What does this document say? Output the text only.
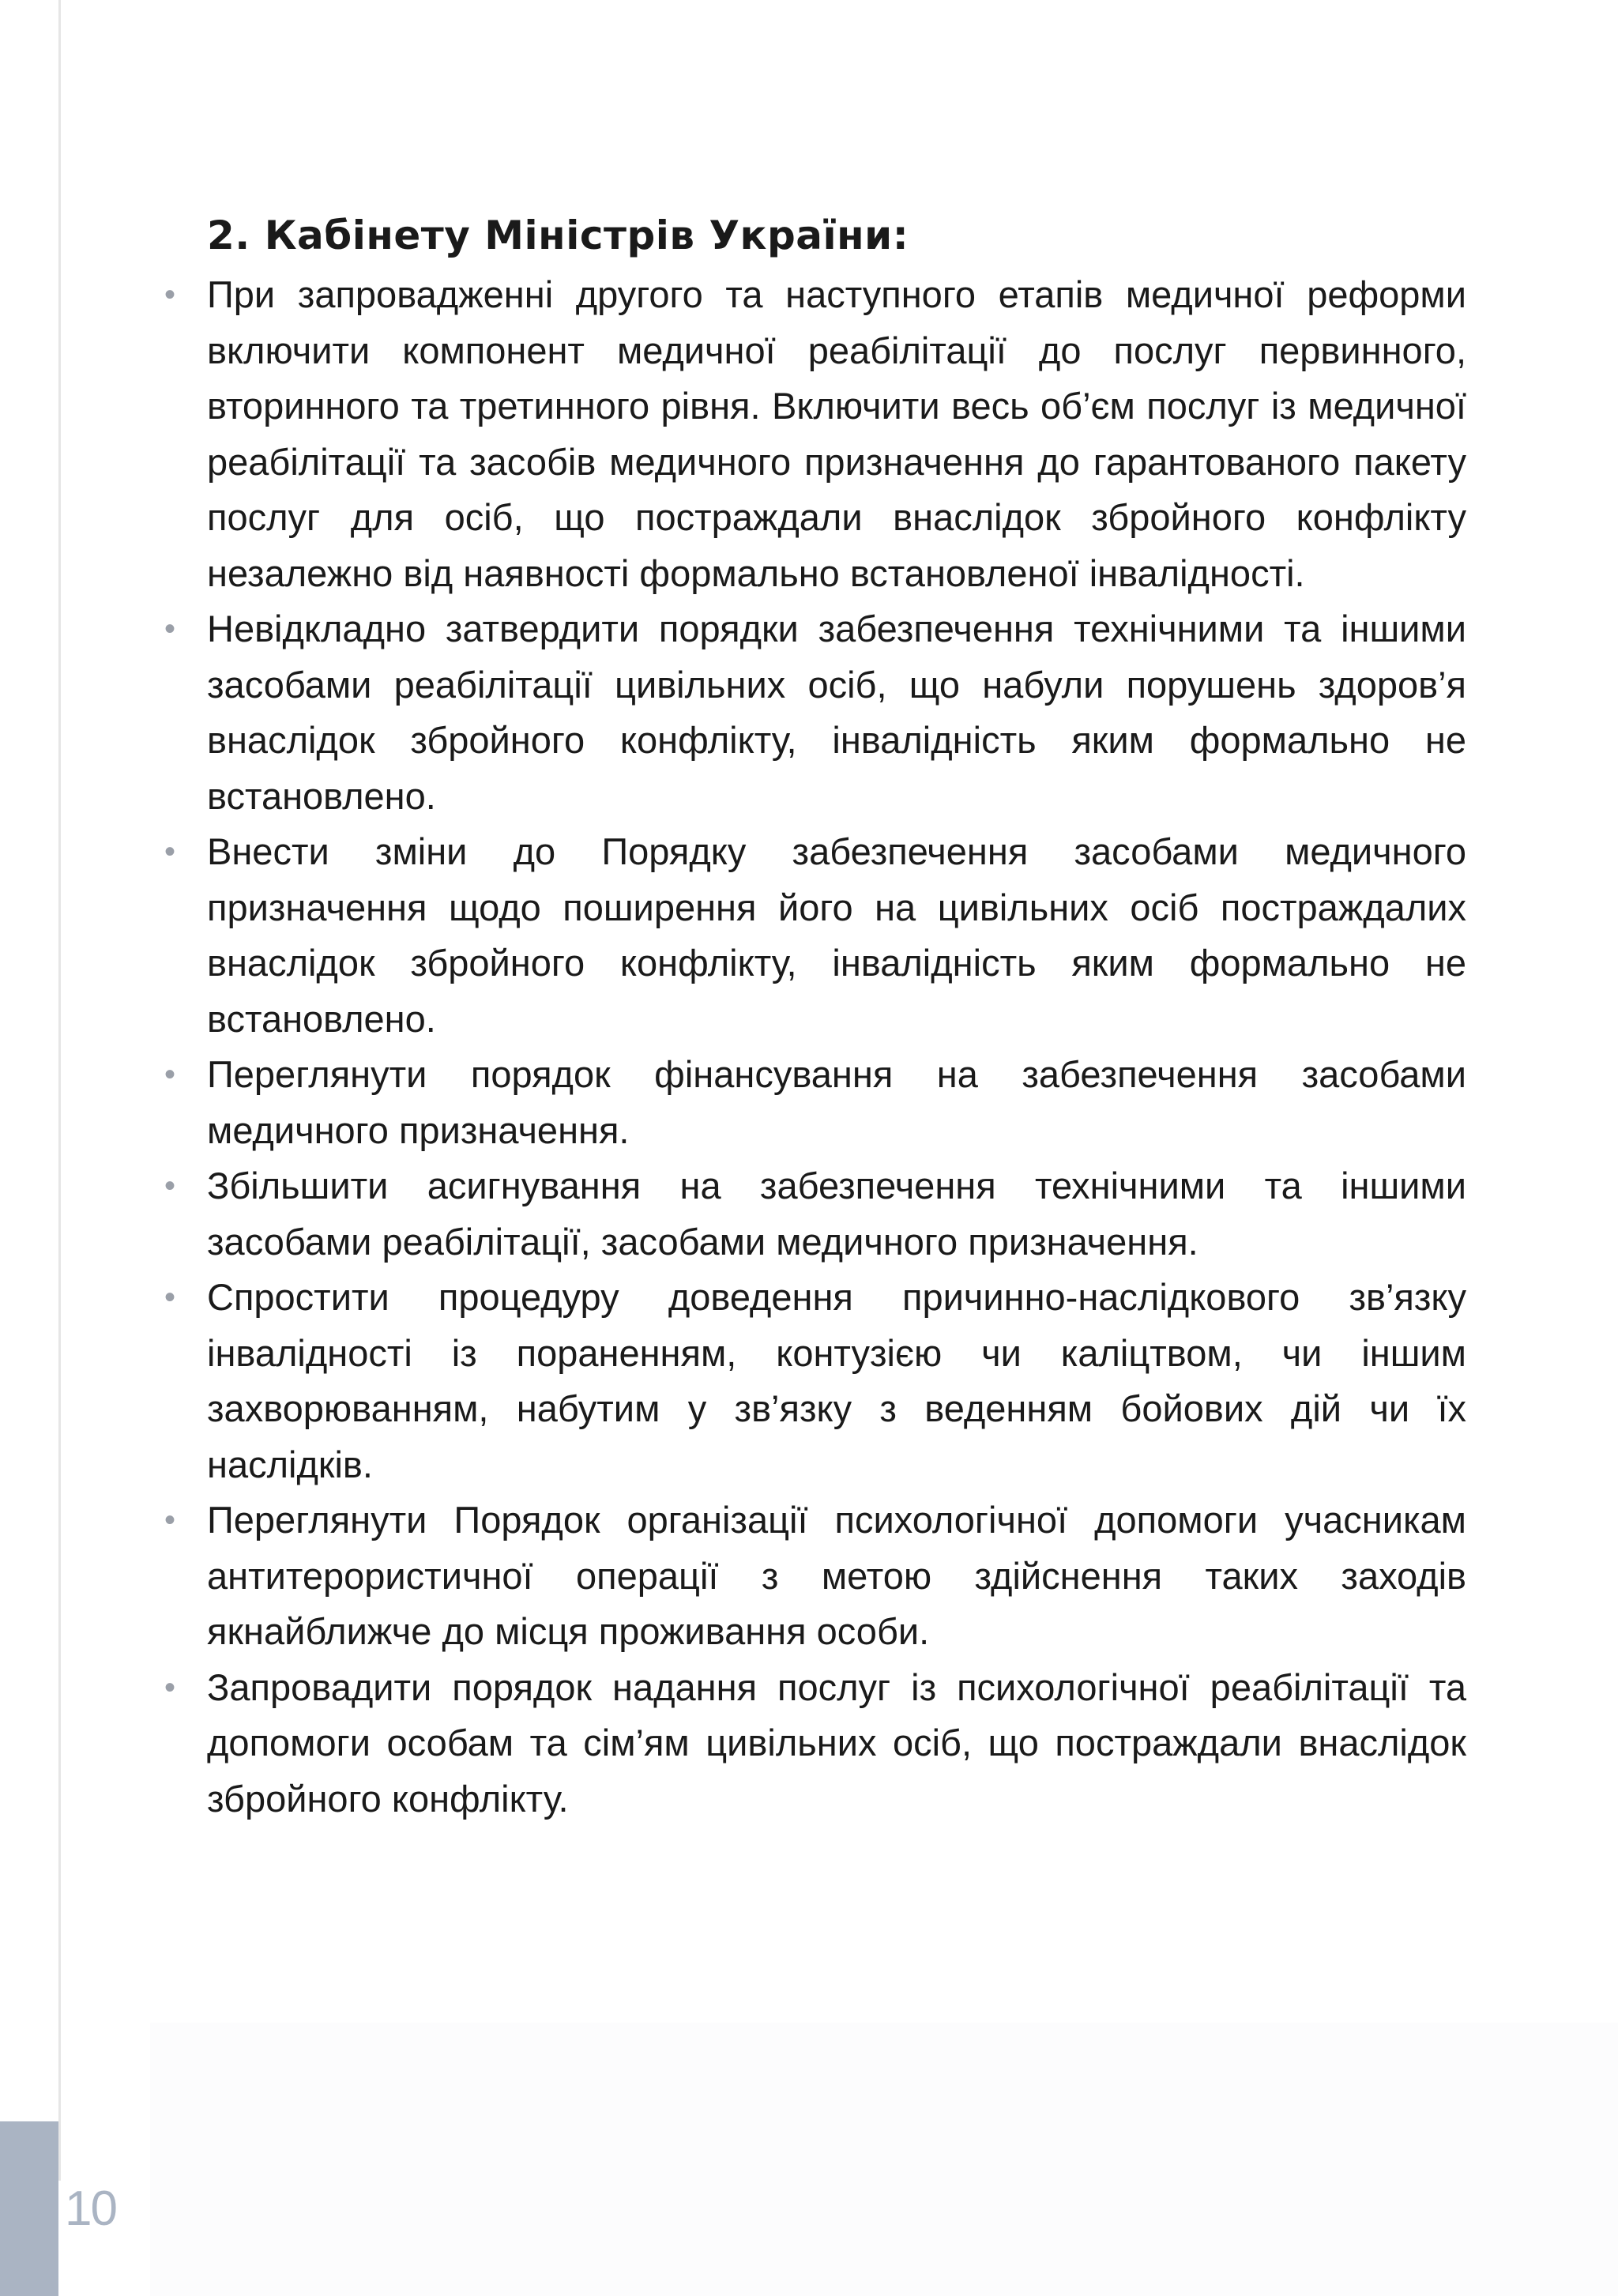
2. Кабінету Міністрів України:
• При запровадженні другого та наступного етапів медичної реформи включити компонент медичної реабілітації до послуг первинного, вторинного та третинного рівня. Включити весь об’єм послуг із медичної реабілітації та засобів медичного призначення до гарантованого пакету послуг для осіб, що постраждали внаслідок збройного конфлікту незалежно від наявності формально встановленої інвалідності.
• Невідкладно затвердити порядки забезпечення технічними та іншими засобами реабілітації цивільних осіб, що набули порушень здоров’я внаслідок збройного конфлікту, інвалідність яким формально не встановлено.
• Внести зміни до Порядку забезпечення засобами медичного призначення щодо поширення його на цивільних осіб постраждалих внаслідок збройного конфлікту, інвалідність яким формально не встановлено.
• Переглянути порядок фінансування на забезпечення засобами медичного призначення.
• Збільшити асигнування на забезпечення технічними та іншими засобами реабілітації, засобами медичного призначення.
• Спростити процедуру доведення причинно-наслідкового зв’язку інвалідності із пораненням, контузією чи каліцтвом, чи іншим захворюванням, набутим у зв’язку з веденням бойових дій чи їх наслідків.
• Переглянути Порядок організації психологічної допомоги учасникам антитерористичної операції з метою здійснення таких заходів якнайближче до місця проживання особи.
• Запровадити порядок надання послуг із психологічної реабілітації та допомоги особам та сім’ям цивільних осіб, що постраждали внаслідок збройного конфлікту.
10
